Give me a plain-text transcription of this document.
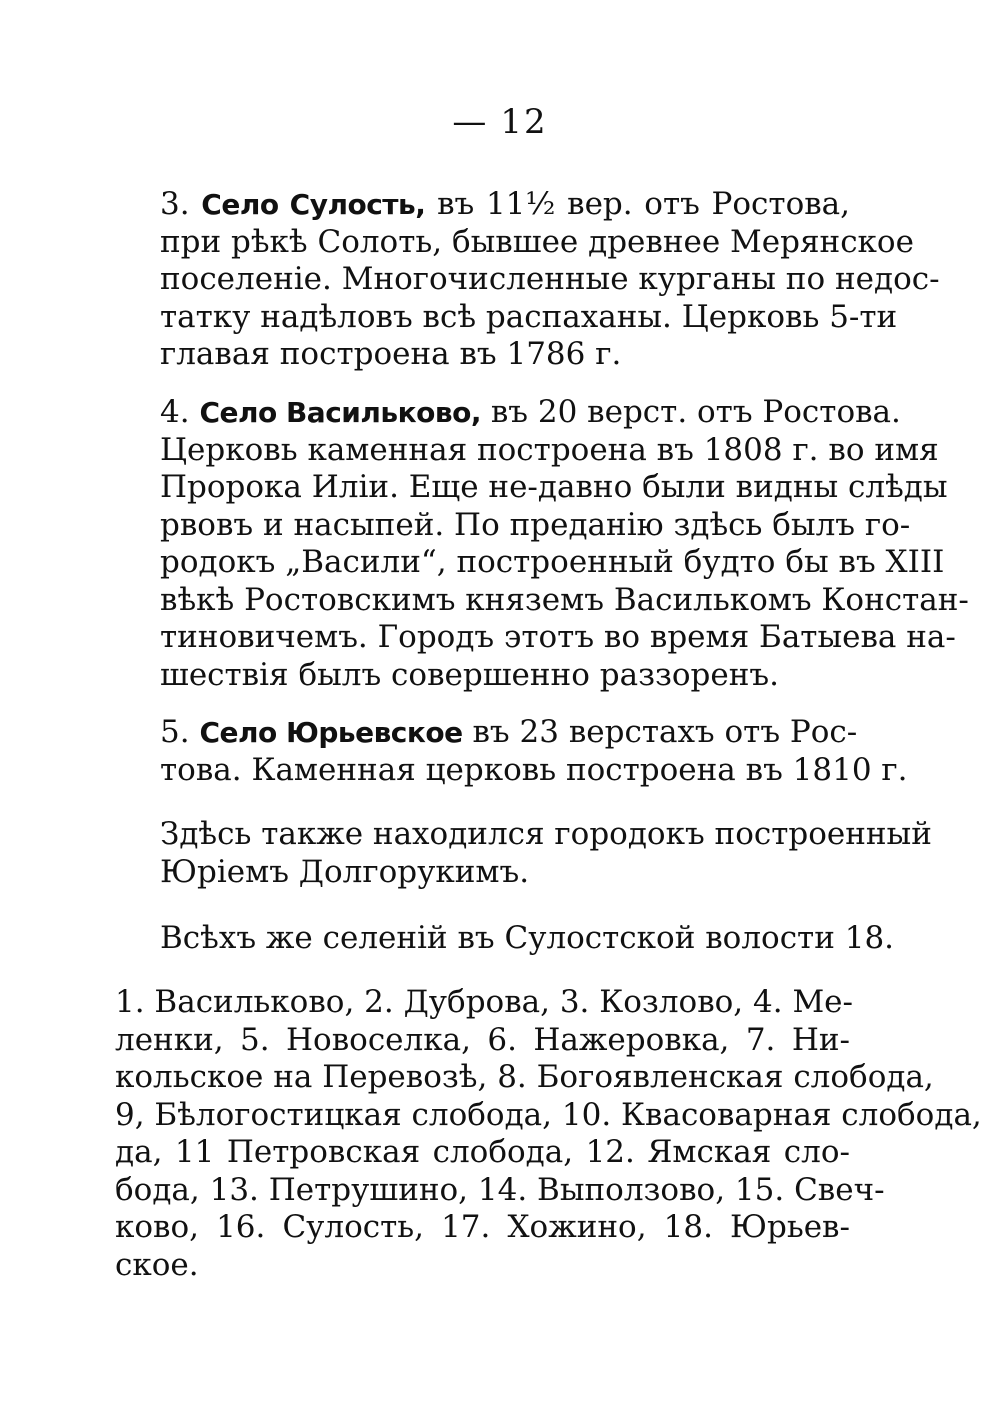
— 12
3. Село Сулость, въ 11½ вер. отъ Ростова,
при рѣкѣ Солоть, бывшее древнее Мерянское
поселеніе. Многочисленные курганы по недос-
татку надѣловъ всѣ распаханы. Церковь 5-ти
главая построена въ 1786 г.
4. Село Васильково, въ 20 верст. отъ Ростова.
Церковь каменная построена въ 1808 г. во имя
Пророка Иліи. Еще не-давно были видны слѣды
рвовъ и насыпей. По преданію здѣсь былъ го-
родокъ „Васили“, построенный будто бы въ XIII
вѣкѣ Ростовскимъ княземъ Василькомъ Констан-
тиновичемъ. Городъ этотъ во время Батыева на-
шествія былъ совершенно раззоренъ.
5. Село Юрьевское въ 23 верстахъ отъ Рос-
това. Каменная церковь построена въ 1810 г.
Здѣсь также находился городокъ построенный
Юріемъ Долгорукимъ.
Всѣхъ же селеній въ Сулостской волости 18.
1. Васильково, 2. Дуброва, 3. Козлово, 4. Ме-
ленки, 5. Новоселка, 6. Нажеровка, 7. Ни-
кольское на Перевозѣ, 8. Богоявленская слобода,
9, Бѣлогостицкая слобода, 10. Квасоварная слобода,
да, 11 Петровская слобода, 12. Ямская сло-
бода, 13. Петрушино, 14. Выползово, 15. Свеч-
ково, 16. Сулость, 17. Хожино, 18. Юрьев-
ское.
